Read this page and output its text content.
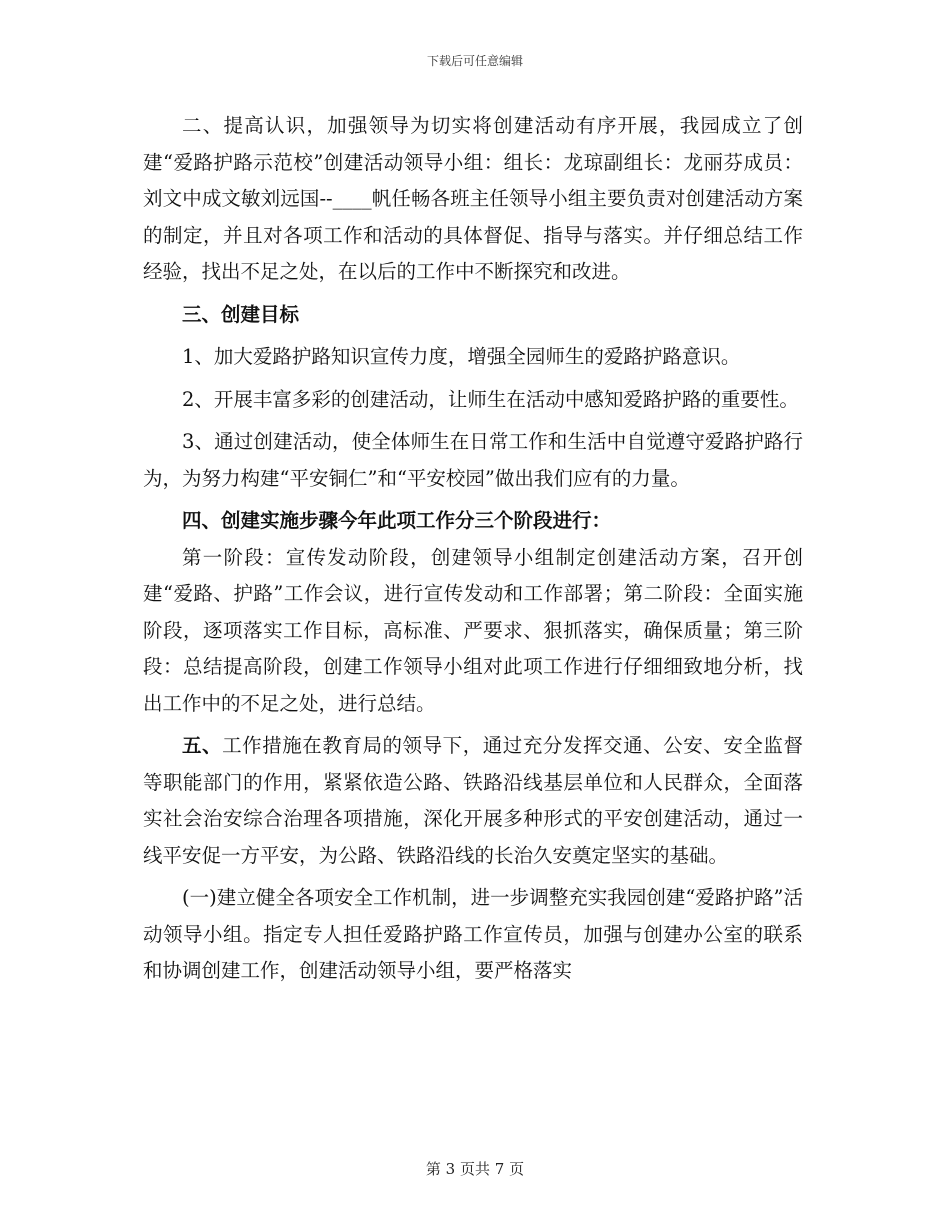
下载后可任意编辑

二、提高认识，加强领导为切实将创建活动有序开展，我园成立了创建“爱路护路示范校”创建活动领导小组：组长：龙琼副组长：龙丽芬成员：刘文中成文敏刘远国--____帆任畅各班主任领导小组主要负责对创建活动方案的制定，并且对各项工作和活动的具体督促、指导与落实。并仔细总结工作经验，找出不足之处，在以后的工作中不断探究和改进。

三、创建目标

1、加大爱路护路知识宣传力度，增强全园师生的爱路护路意识。

2、开展丰富多彩的创建活动，让师生在活动中感知爱路护路的重要性。

3、通过创建活动，使全体师生在日常工作和生活中自觉遵守爱路护路行为，为努力构建“平安铜仁”和“平安校园”做出我们应有的力量。

四、创建实施步骤今年此项工作分三个阶段进行：

第一阶段：宣传发动阶段，创建领导小组制定创建活动方案，召开创建“爱路、护路”工作会议，进行宣传发动和工作部署；第二阶段：全面实施阶段，逐项落实工作目标，高标准、严要求、狠抓落实，确保质量；第三阶段：总结提高阶段，创建工作领导小组对此项工作进行仔细细致地分析，找出工作中的不足之处，进行总结。

五、工作措施在教育局的领导下，通过充分发挥交通、公安、安全监督等职能部门的作用，紧紧依造公路、铁路沿线基层单位和人民群众，全面落实社会治安综合治理各项措施，深化开展多种形式的平安创建活动，通过一线平安促一方平安，为公路、铁路沿线的长治久安奠定坚实的基础。

(一)建立健全各项安全工作机制，进一步调整充实我园创建“爱路护路”活动领导小组。指定专人担任爱路护路工作宣传员，加强与创建办公室的联系和协调创建工作，创建活动领导小组，要严格落实

第 3 页共 7 页
